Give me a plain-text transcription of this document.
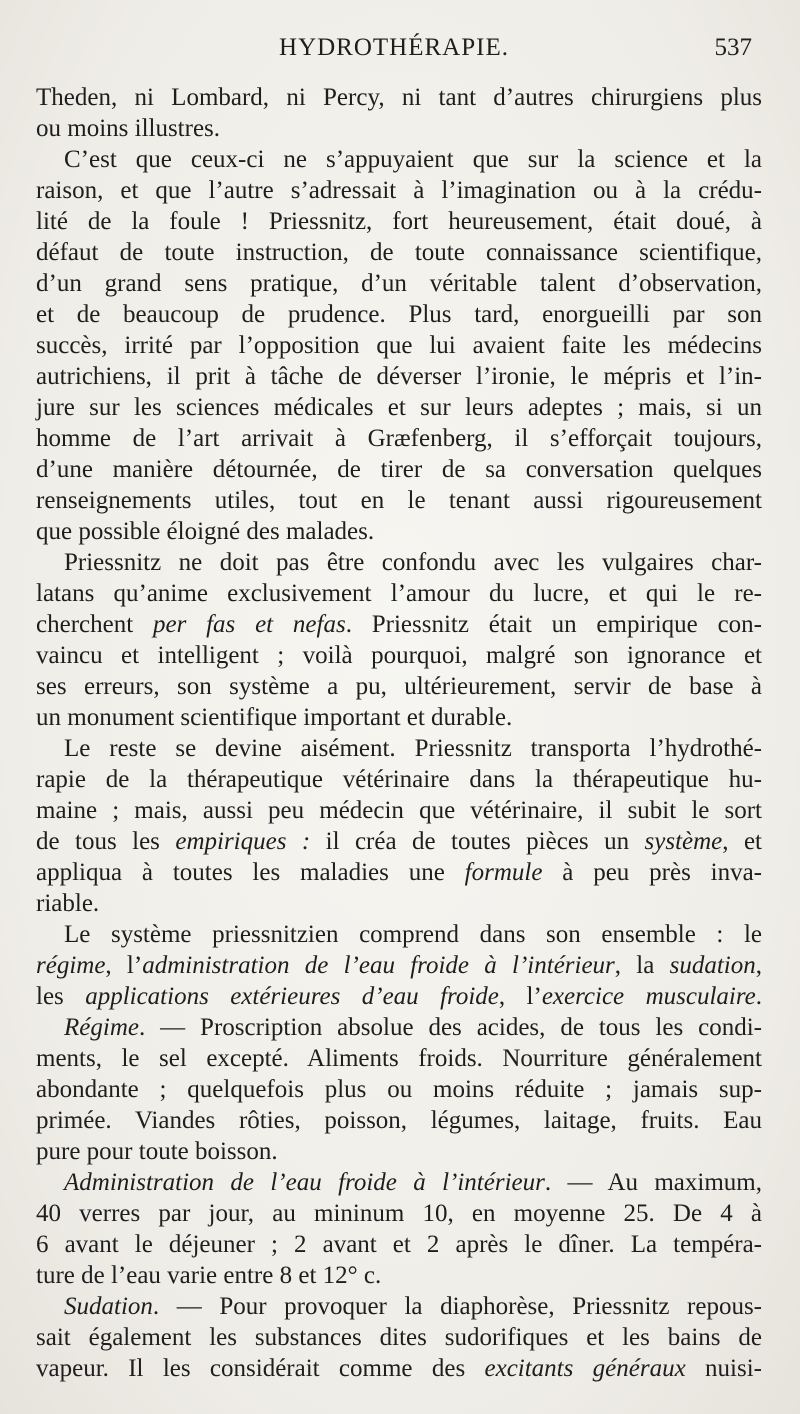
HYDROTHÉRAPIE.	537
Theden, ni Lombard, ni Percy, ni tant d’autres chirurgiens plus
ou moins illustres.
C’est que ceux-ci ne s’appuyaient que sur la science et la
raison, et que l’autre s’adressait à l’imagination ou à la crédu-
lité de la foule ! Priessnitz, fort heureusement, était doué, à
défaut de toute instruction, de toute connaissance scientifique,
d’un grand sens pratique, d’un véritable talent d’observation,
et de beaucoup de prudence. Plus tard, enorgueilli par son
succès, irrité par l’opposition que lui avaient faite les médecins
autrichiens, il prit à tâche de déverser l’ironie, le mépris et l’in-
jure sur les sciences médicales et sur leurs adeptes ; mais, si un
homme de l’art arrivait à Græfenberg, il s’efforçait toujours,
d’une manière détournée, de tirer de sa conversation quelques
renseignements utiles, tout en le tenant aussi rigoureusement
que possible éloigné des malades.
Priessnitz ne doit pas être confondu avec les vulgaires char-
latans qu’anime exclusivement l’amour du lucre, et qui le re-
cherchent per fas et nefas. Priessnitz était un empirique con-
vaincu et intelligent ; voilà pourquoi, malgré son ignorance et
ses erreurs, son système a pu, ultérieurement, servir de base à
un monument scientifique important et durable.
Le reste se devine aisément. Priessnitz transporta l’hydrothé-
rapie de la thérapeutique vétérinaire dans la thérapeutique hu-
maine ; mais, aussi peu médecin que vétérinaire, il subit le sort
de tous les empiriques : il créa de toutes pièces un système, et
appliqua à toutes les maladies une formule à peu près inva-
riable.
Le système priessnitzien comprend dans son ensemble : le
régime, l’administration de l’eau froide à l’intérieur, la sudation,
les applications extérieures d’eau froide, l’exercice musculaire.
Régime. — Proscription absolue des acides, de tous les condi-
ments, le sel excepté. Aliments froids. Nourriture généralement
abondante ; quelquefois plus ou moins réduite ; jamais sup-
primée. Viandes rôties, poisson, légumes, laitage, fruits. Eau
pure pour toute boisson.
Administration de l’eau froide à l’intérieur. — Au maximum,
40 verres par jour, au mininum 10, en moyenne 25. De 4 à
6 avant le déjeuner ; 2 avant et 2 après le dîner. La tempéra-
ture de l’eau varie entre 8 et 12° c.
Sudation. — Pour provoquer la diaphorèse, Priessnitz repous-
sait également les substances dites sudorifiques et les bains de
vapeur. Il les considérait comme des excitants généraux nuisi-
